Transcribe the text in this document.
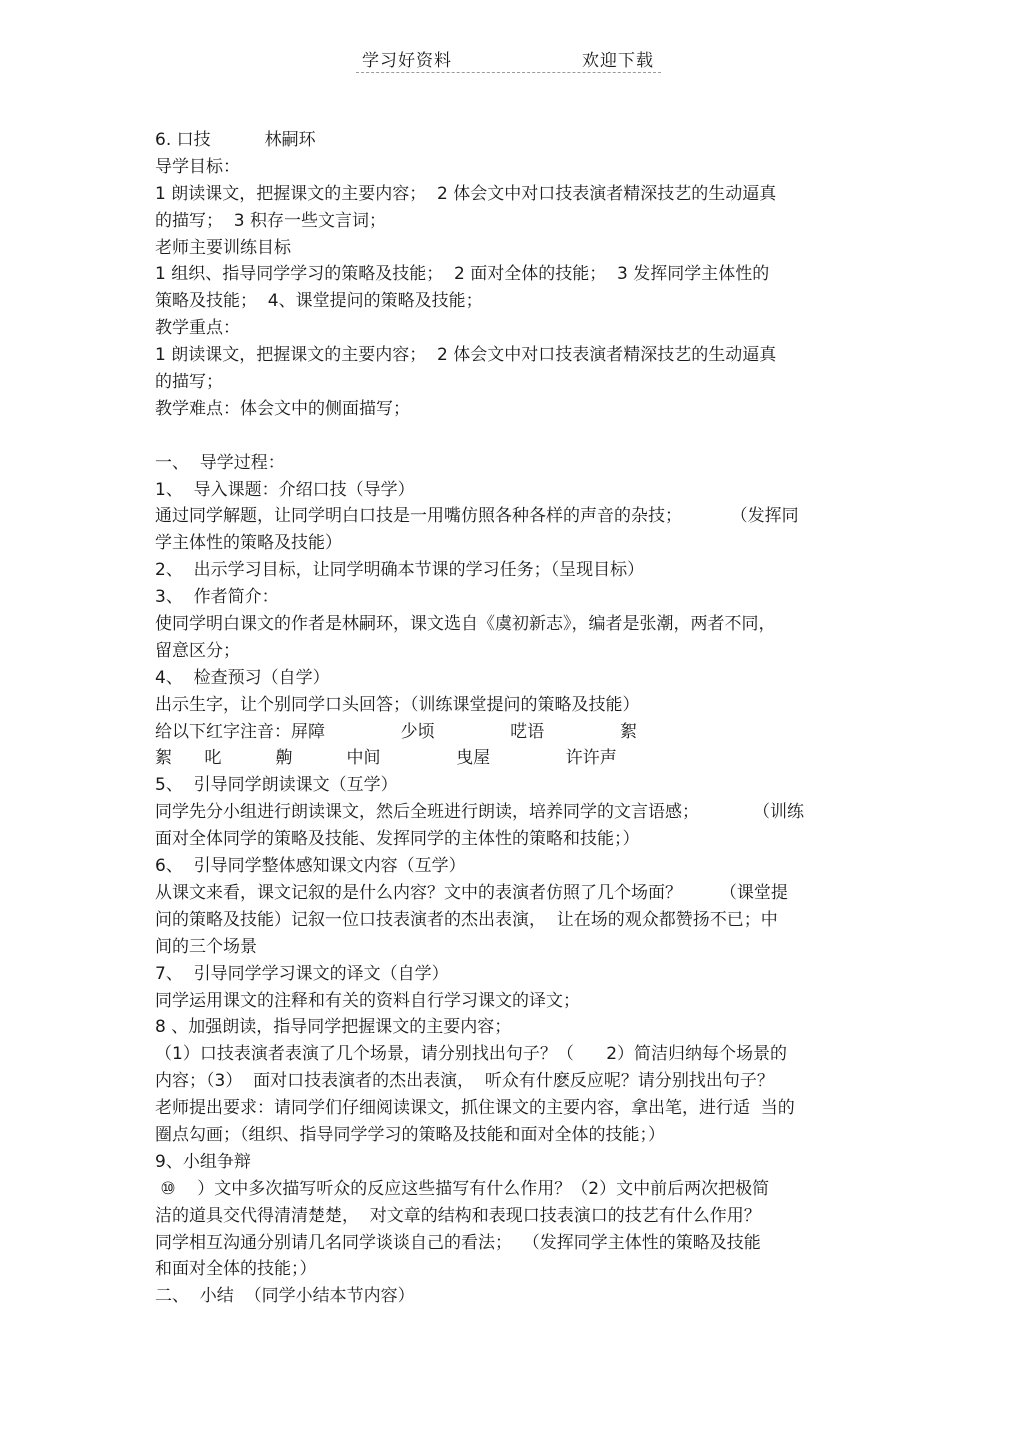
学习好资料	欢迎下载
6. 口技          林嗣环
导学目标：
1 朗读课文，把握课文的主要内容；  2 体会文中对口技表演者精深技艺的生动逼真
的描写；  3 积存一些文言词；
老师主要训练目标
1 组织、指导同学学习的策略及技能；  2 面对全体的技能；  3 发挥同学主体性的
策略及技能；  4、课堂提问的策略及技能；
教学重点：
1 朗读课文，把握课文的主要内容；  2 体会文中对口技表演者精深技艺的生动逼真
的描写；
教学难点：体会文中的侧面描写；
一、  导学过程：
1、  导入课题：介绍口技（导学）
通过同学解题，让同学明白口技是一用嘴仿照各种各样的声音的杂技；         （发挥同
学主体性的策略及技能）
2、  出示学习目标，让同学明确本节课的学习任务；（呈现目标）
3、  作者简介：
使同学明白课文的作者是林嗣环，课文选自《虞初新志》，编者是张潮，两者不同，
留意区分；
4、  检查预习（自学）
出示生字，让个别同学口头回答；（训练课堂提问的策略及技能）
给以下红字注音：屏障              少顷              呓语              絮
絮      叱          齁          中间              曳屋              许许声
5、  引导同学朗读课文（互学）
同学先分小组进行朗读课文，然后全班进行朗读，培养同学的文言语感；          （训练
面对全体同学的策略及技能、发挥同学的主体性的策略和技能；）
6、  引导同学整体感知课文内容（互学）
从课文来看，课文记叙的是什么内容？文中的表演者仿照了几个场面？       （课堂提
问的策略及技能）记叙一位口技表演者的杰出表演，  让在场的观众都赞扬不已；中
间的三个场景
7、  引导同学学习课文的译文（自学）
同学运用课文的注释和有关的资料自行学习课文的译文；
8 、加强朗读，指导同学把握课文的主要内容；
（1）口技表演者表演了几个场景，请分别找出句子？（      2）简洁归纳每个场景的
内容；（3）  面对口技表演者的杰出表演，  听众有什麽反应呢？请分别找出句子？
老师提出要求：请同学们仔细阅读课文，抓住课文的主要内容，拿出笔，进行适  当的
圈点勾画；（组织、指导同学学习的策略及技能和面对全体的技能；）
9、小组争辩
⑩    ）文中多次描写听众的反应这些描写有什么作用？（2）文中前后两次把极简
洁的道具交代得清清楚楚，  对文章的结构和表现口技表演口的技艺有什么作用？
同学相互沟通分别请几名同学谈谈自己的看法；  （发挥同学主体性的策略及技能
和面对全体的技能；）
二、  小结  （同学小结本节内容）
